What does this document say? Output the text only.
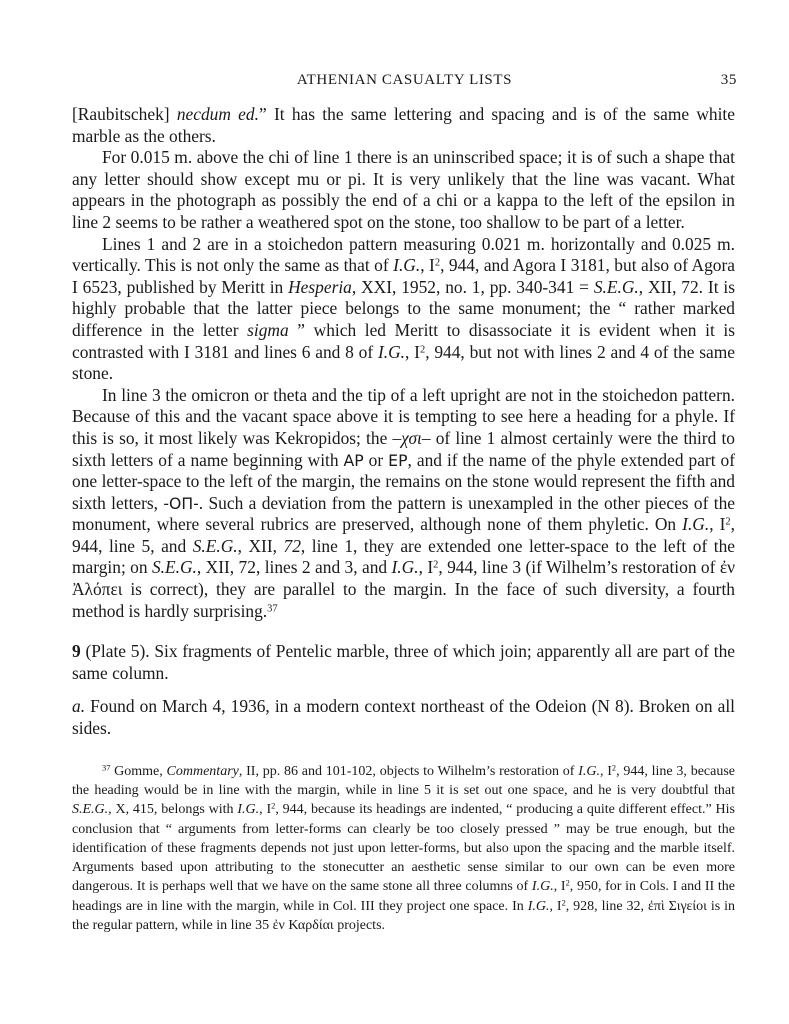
ATHENIAN CASUALTY LISTS	35

[Raubitschek] necdum ed.” It has the same lettering and spacing and is of the same white marble as the others.

For 0.015 m. above the chi of line 1 there is an uninscribed space; it is of such a shape that any letter should show except mu or pi. It is very unlikely that the line was vacant. What appears in the photograph as possibly the end of a chi or a kappa to the left of the epsilon in line 2 seems to be rather a weathered spot on the stone, too shallow to be part of a letter.

Lines 1 and 2 are in a stoichedon pattern measuring 0.021 m. horizontally and 0.025 m. vertically. This is not only the same as that of I.G., $I^2$, 944, and Agora I 3181, but also of Agora I 6523, published by Meritt in Hesperia, XXI, 1952, no. 1, pp. 340-341 = S.E.G., XII, 72. It is highly probable that the latter piece belongs to the same monument; the “ rather marked difference in the letter sigma ” which led Meritt to disassociate it is evident when it is contrasted with I 3181 and lines 6 and 8 of I.G., $I^2$, 944, but not with lines 2 and 4 of the same stone.

In line 3 the omicron or theta and the tip of a left upright are not in the stoichedon pattern. Because of this and the vacant space above it is tempting to see here a heading for a phyle. If this is so, it most likely was Kekropidos; the –χσι– of line 1 almost certainly were the third to sixth letters of a name beginning with ΑΡ or ΕΡ, and if the name of the phyle extended part of one letter-space to the left of the margin, the remains on the stone would represent the fifth and sixth letters, -ΟΠ-. Such a deviation from the pattern is unexampled in the other pieces of the monument, where several rubrics are preserved, although none of them phyletic. On I.G., $I^2$, 944, line 5, and S.E.G., XII, 72, line 1, they are extended one letter-space to the left of the margin; on S.E.G., XII, 72, lines 2 and 3, and I.G., $I^2$, 944, line 3 (if Wilhelm’s restoration of ἐν Ἀλόπει is correct), they are parallel to the margin. In the face of such diversity, a fourth method is hardly surprising.$^{37}$

9 (Plate 5). Six fragments of Pentelic marble, three of which join; apparently all are part of the same column.

a. Found on March 4, 1936, in a modern context northeast of the Odeion (N 8). Broken on all sides.

$^{37}$ Gomme, Commentary, II, pp. 86 and 101-102, objects to Wilhelm’s restoration of I.G., $I^2$, 944, line 3, because the heading would be in line with the margin, while in line 5 it is set out one space, and he is very doubtful that S.E.G., X, 415, belongs with I.G., $I^2$, 944, because its headings are indented, “ producing a quite different effect.” His conclusion that “ arguments from letter-forms can clearly be too closely pressed ” may be true enough, but the identification of these fragments depends not just upon letter-forms, but also upon the spacing and the marble itself. Arguments based upon attributing to the stonecutter an aesthetic sense similar to our own can be even more dangerous. It is perhaps well that we have on the same stone all three columns of I.G., $I^2$, 950, for in Cols. I and II the headings are in line with the margin, while in Col. III they project one space. In I.G., $I^2$, 928, line 32, ἐπὶ Σιγείοι is in the regular pattern, while in line 35 ἐν Καρδίαι projects.
